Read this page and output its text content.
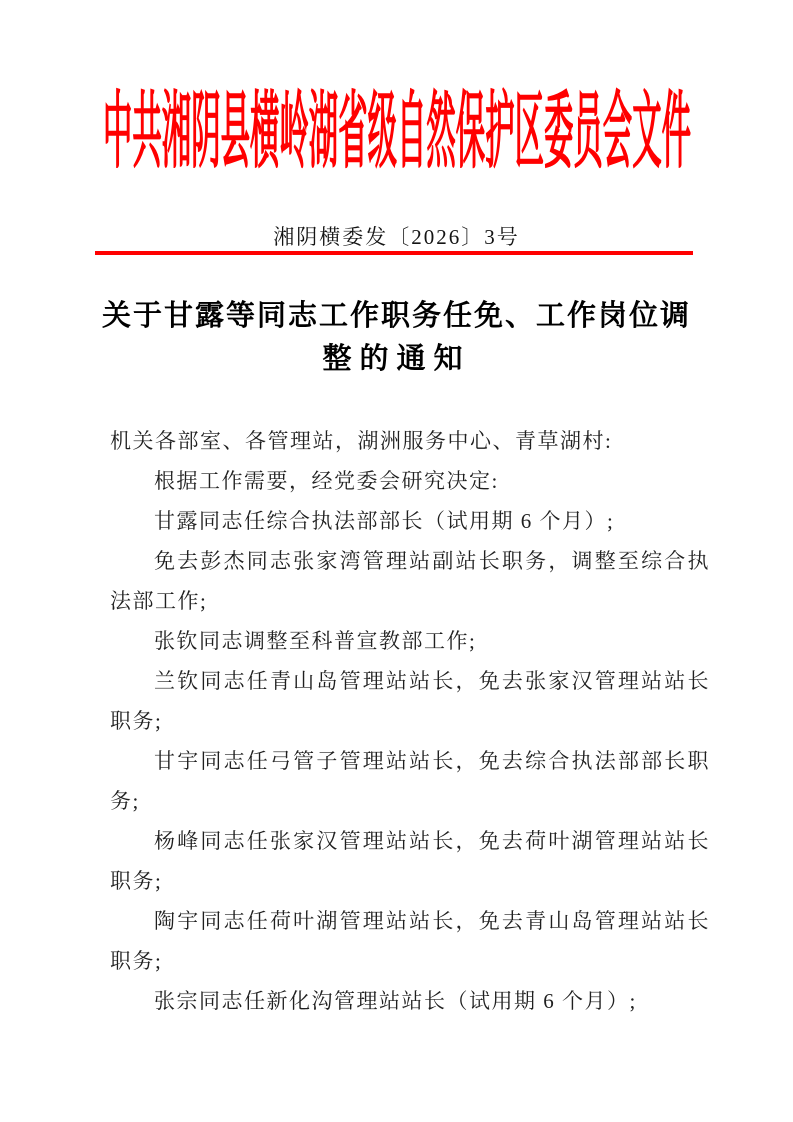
中共湘阴县横岭湖省级自然保护区委员会文件
湘阴横委发〔2026〕3号
关于甘露等同志工作职务任免、工作岗位调
整的通知

机关各部室、各管理站，湖洲服务中心、青草湖村:

根据工作需要，经党委会研究决定:

甘露同志任综合执法部部长（试用期 6 个月）;

免去彭杰同志张家湾管理站副站长职务，调整至综合执法部工作;

张钦同志调整至科普宣教部工作;

兰钦同志任青山岛管理站站长，免去张家汉管理站站长职务;

甘宇同志任弓管子管理站站长，免去综合执法部部长职务;

杨峰同志任张家汉管理站站长，免去荷叶湖管理站站长职务;

陶宇同志任荷叶湖管理站站长，免去青山岛管理站站长职务;

张宗同志任新化沟管理站站长（试用期 6 个月）;
